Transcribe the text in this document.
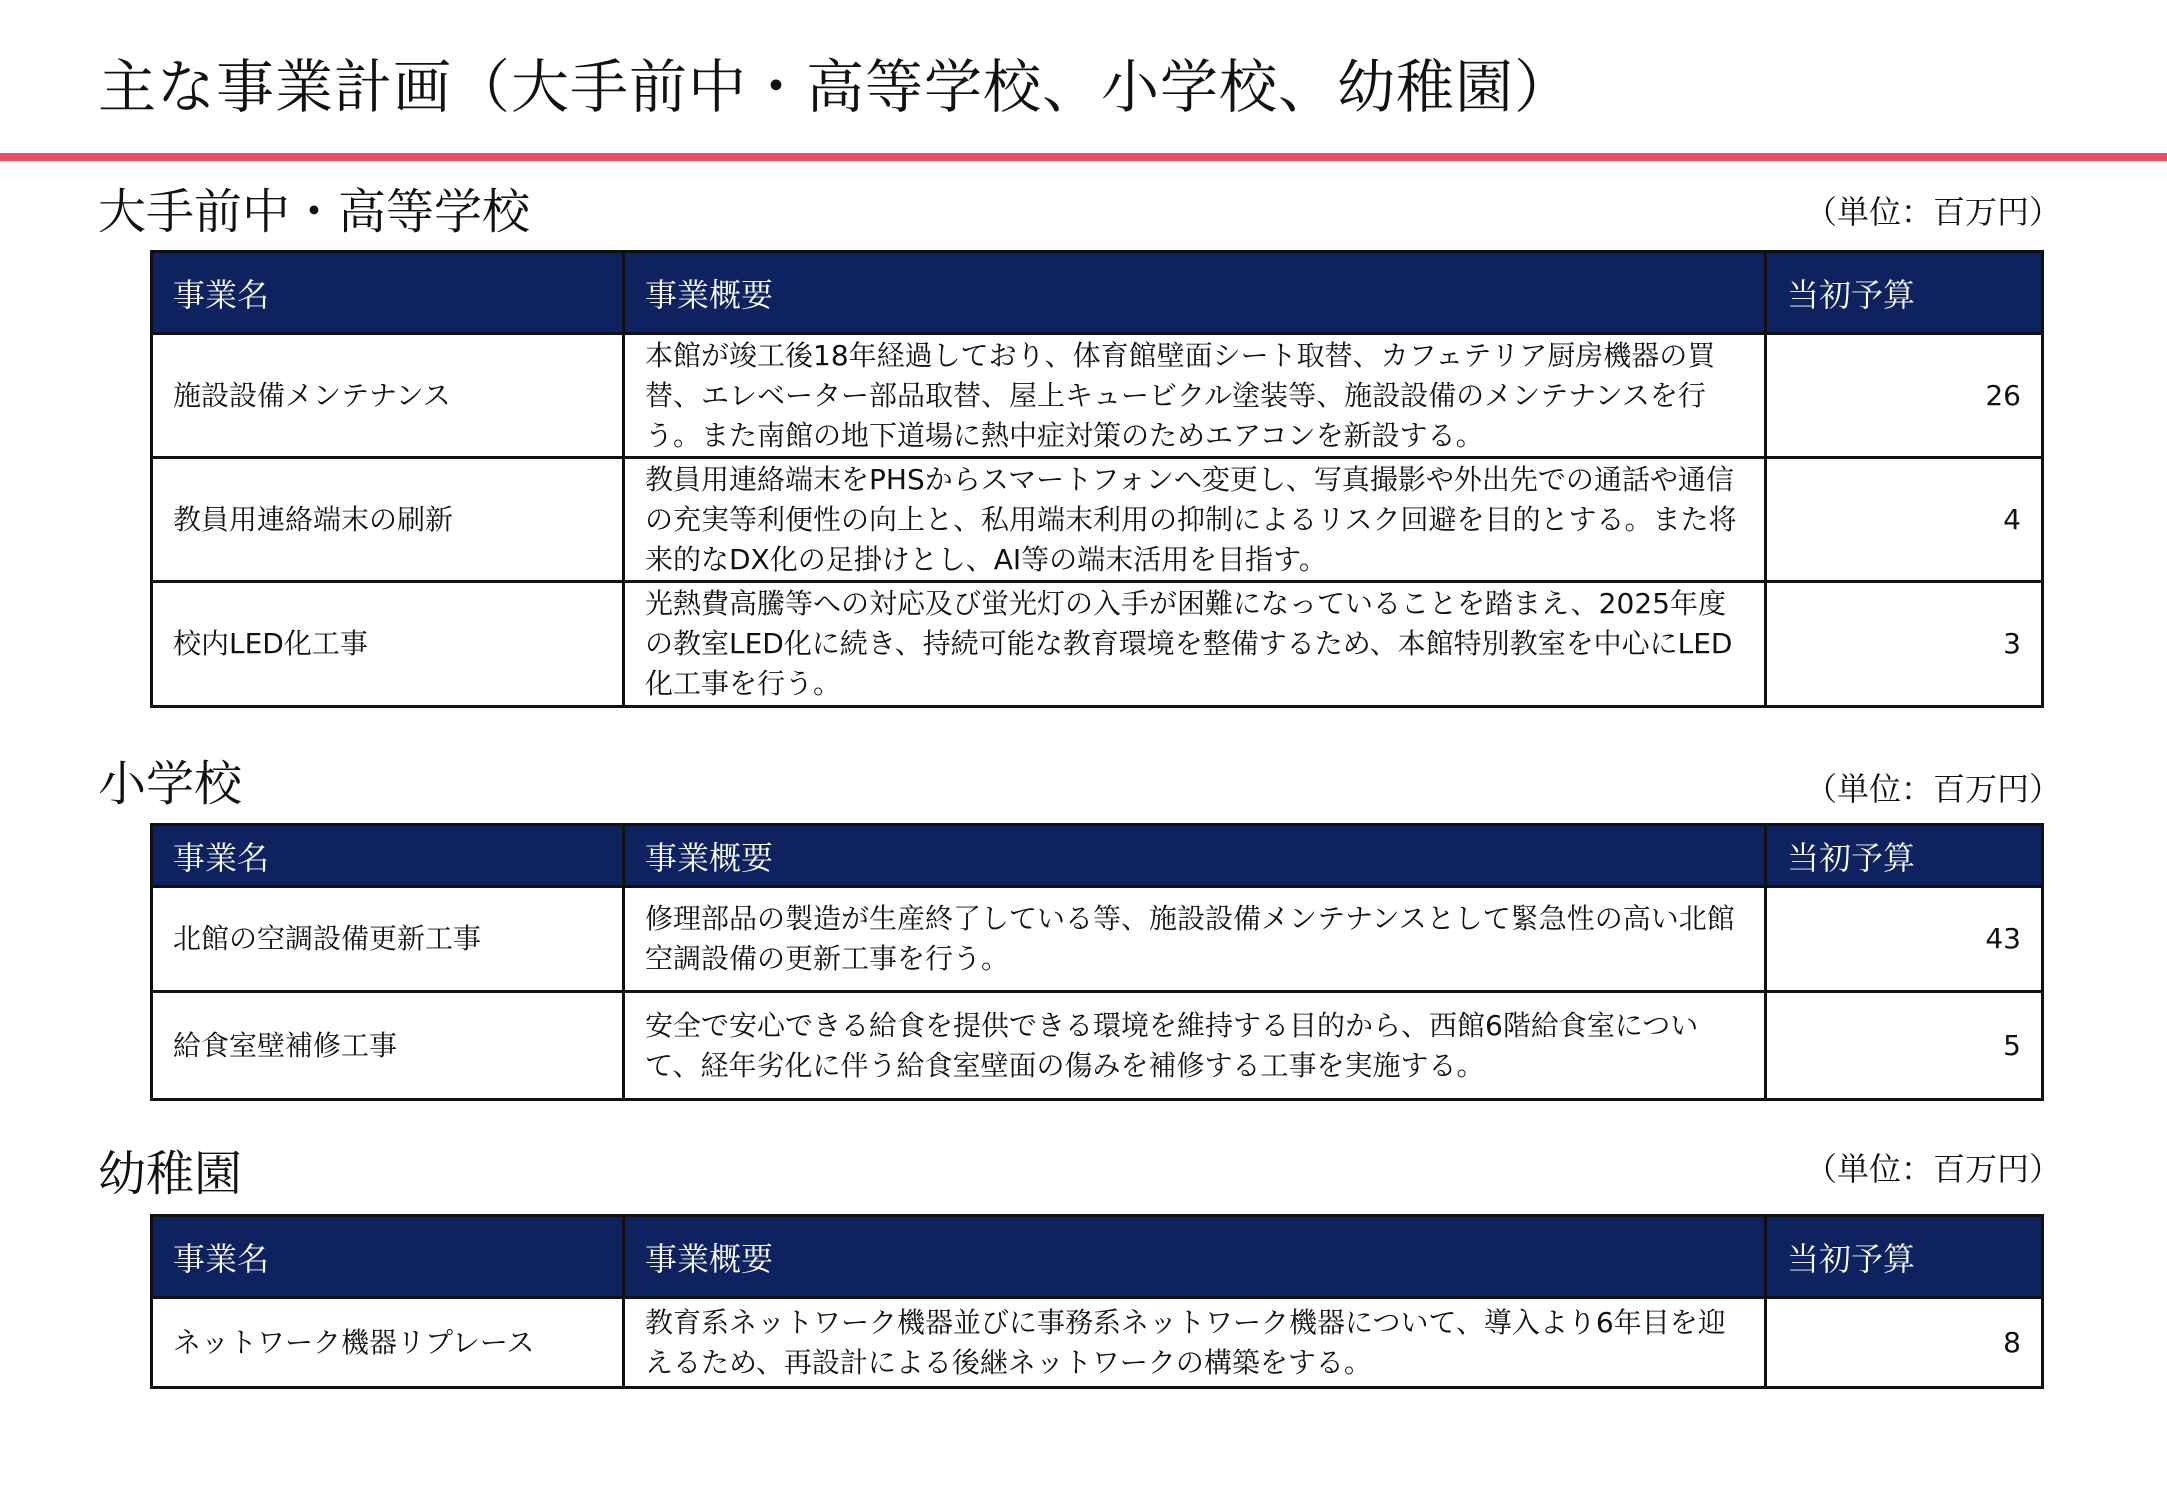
主な事業計画（大手前中・高等学校、小学校、幼稚園）
大手前中・高等学校	（単位：百万円）
事業名	事業概要	当初予算
施設設備メンテナンス	本館が竣工後18年経過しており、体育館壁面シート取替、カフェテリア厨房機器の買替、エレベーター部品取替、屋上キュービクル塗装等、施設設備のメンテナンスを行う。また南館の地下道場に熱中症対策のためエアコンを新設する。	26
教員用連絡端末の刷新	教員用連絡端末をPHSからスマートフォンへ変更し、写真撮影や外出先での通話や通信の充実等利便性の向上と、私用端末利用の抑制によるリスク回避を目的とする。また将来的なDX化の足掛けとし、AI等の端末活用を目指す。	4
校内LED化工事	光熱費高騰等への対応及び蛍光灯の入手が困難になっていることを踏まえ、2025年度の教室LED化に続き、持続可能な教育環境を整備するため、本館特別教室を中心にLED化工事を行う。	3
小学校	（単位：百万円）
事業名	事業概要	当初予算
北館の空調設備更新工事	修理部品の製造が生産終了している等、施設設備メンテナンスとして緊急性の高い北館空調設備の更新工事を行う。	43
給食室壁補修工事	安全で安心できる給食を提供できる環境を維持する目的から、西館6階給食室について、経年劣化に伴う給食室壁面の傷みを補修する工事を実施する。	5
幼稚園	（単位：百万円）
事業名	事業概要	当初予算
ネットワーク機器リプレース	教育系ネットワーク機器並びに事務系ネットワーク機器について、導入より6年目を迎えるため、再設計による後継ネットワークの構築をする。	8
